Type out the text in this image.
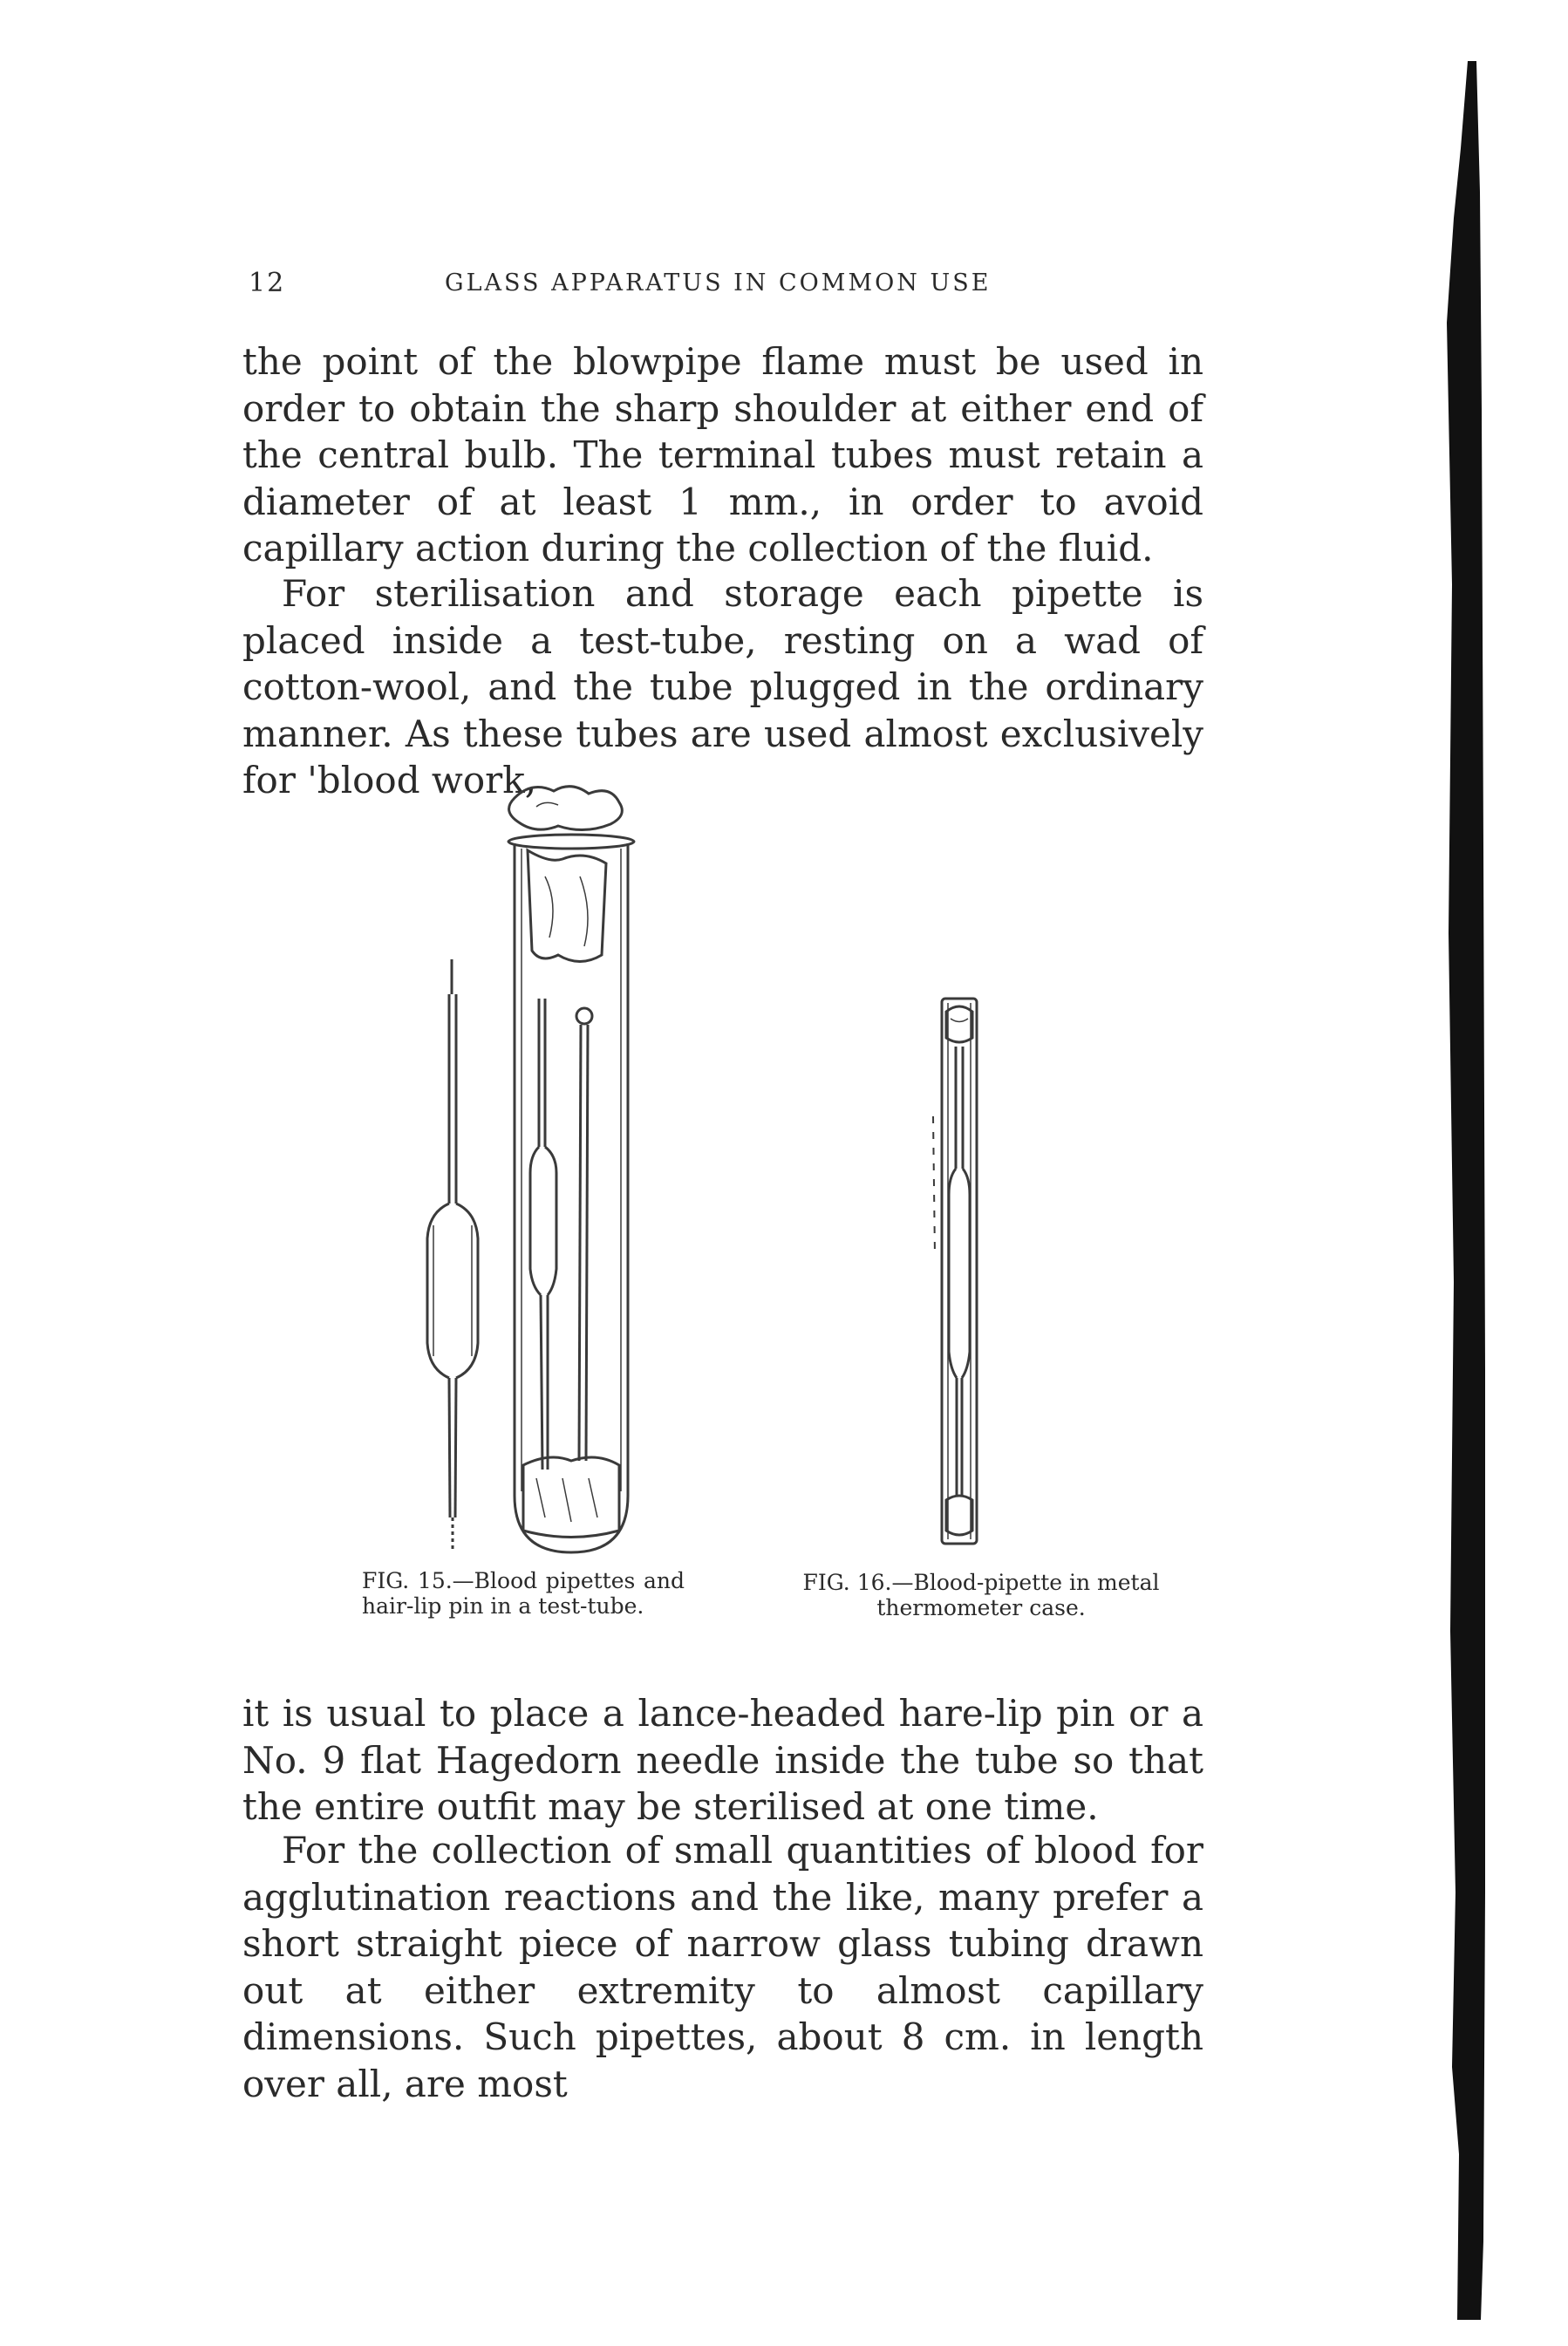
12	GLASS APPARATUS IN COMMON USE

the point of the blowpipe flame must be used in order to obtain the sharp shoulder at either end of the central bulb. The terminal tubes must retain a diameter of at least 1 mm., in order to avoid capillary action during the collection of the fluid.

For sterilisation and storage each pipette is placed inside a test-tube, resting on a wad of cotton-wool, and the tube plugged in the ordinary manner. As these tubes are used almost exclusively for 'blood work,

FIG. 15.—Blood pipettes and hair-lip pin in a test-tube.

FIG. 16.—Blood-pipette in metal thermometer case.

it is usual to place a lance-headed hare-lip pin or a No. 9 flat Hagedorn needle inside the tube so that the entire outfit may be sterilised at one time.

For the collection of small quantities of blood for agglutination reactions and the like, many prefer a short straight piece of narrow glass tubing drawn out at either extremity to almost capillary dimensions. Such pipettes, about 8 cm. in length over all, are most
